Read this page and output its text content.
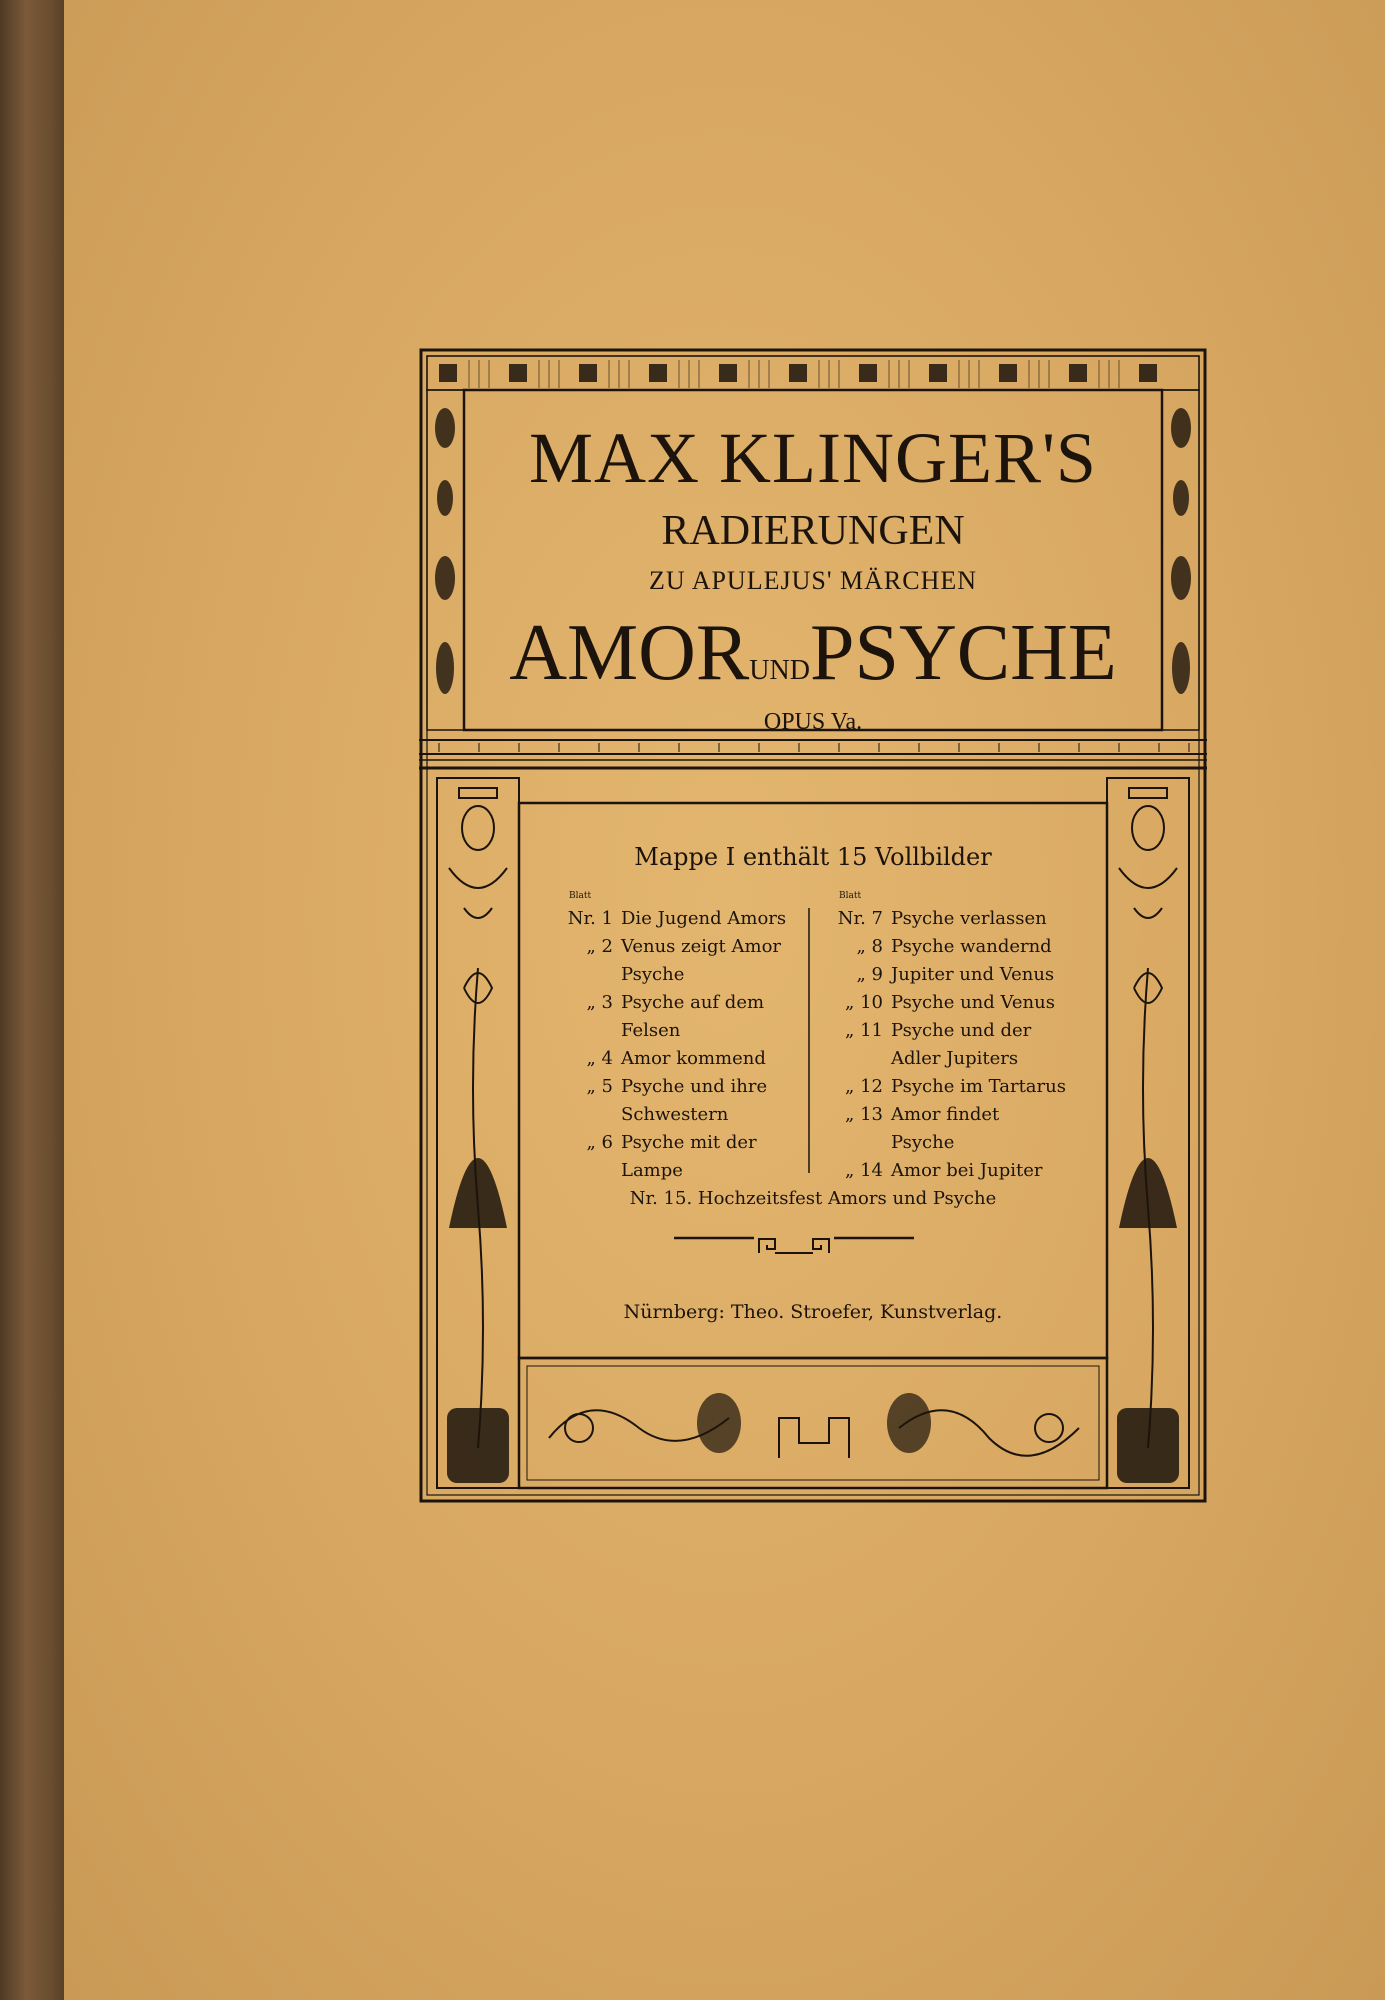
MAX KLINGER'S
RADIERUNGEN
ZU APULEJUS' MÄRCHEN
AMORUNDPSYCHE
OPUS Va.
Mappe I enthält 15 Vollbilder
Blatt	Blatt
Nr. 1 Die Jugend Amors
„ 2 Venus zeigt Amor
Psyche
„ 3 Psyche auf dem
Felsen
„ 4 Amor kommend
„ 5 Psyche und ihre
Schwestern
„ 6 Psyche mit der
Lampe
Nr. 7 Psyche verlassen
„ 8 Psyche wandernd
„ 9 Jupiter und Venus
„ 10 Psyche und Venus
„ 11 Psyche und der
Adler Jupiters
„ 12 Psyche im Tartarus
„ 13 Amor findet
Psyche
„ 14 Amor bei Jupiter
Nr. 15. Hochzeitsfest Amors und Psyche
Nürnberg: Theo. Stroefer, Kunstverlag.
